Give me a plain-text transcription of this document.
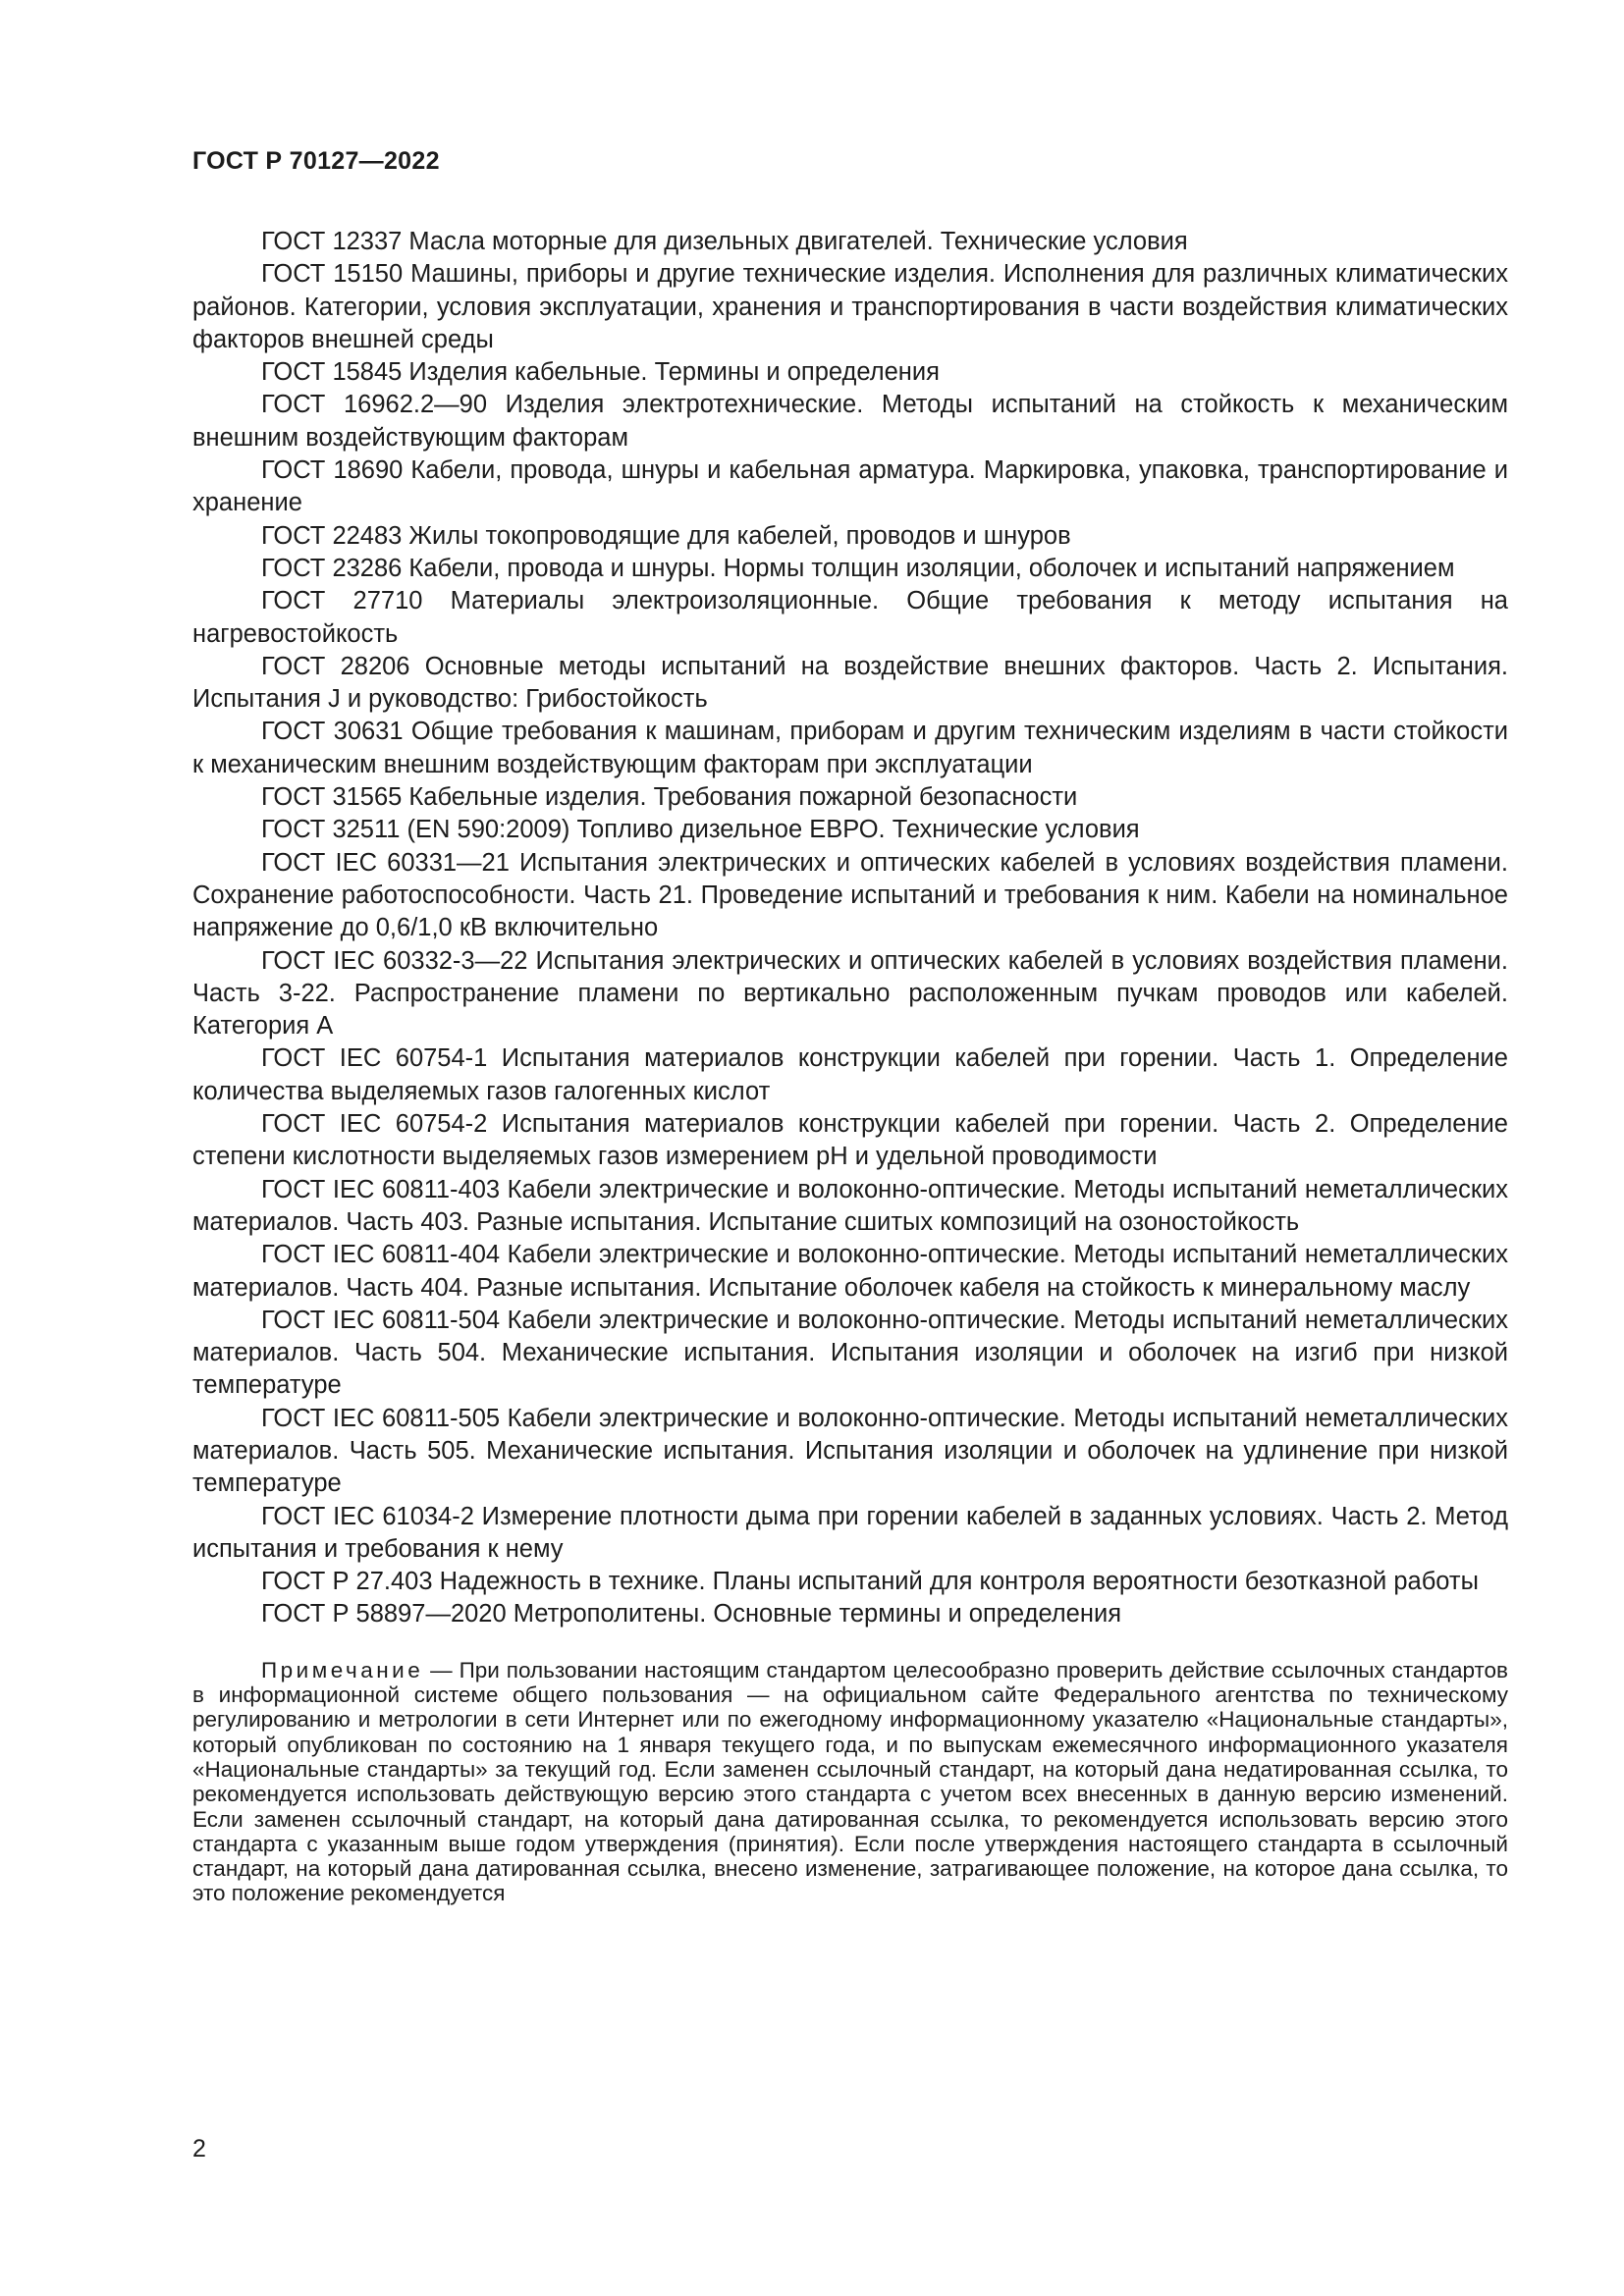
ГОСТ Р 70127—2022

ГОСТ 12337 Масла моторные для дизельных двигателей. Технические условия

ГОСТ 15150 Машины, приборы и другие технические изделия. Исполнения для различных климатических районов. Категории, условия эксплуатации, хранения и транспортирования в части воздействия климатических факторов внешней среды

ГОСТ 15845 Изделия кабельные. Термины и определения

ГОСТ 16962.2—90 Изделия электротехнические. Методы испытаний на стойкость к механическим внешним воздействующим факторам

ГОСТ 18690 Кабели, провода, шнуры и кабельная арматура. Маркировка, упаковка, транспортирование и хранение

ГОСТ 22483 Жилы токопроводящие для кабелей, проводов и шнуров

ГОСТ 23286 Кабели, провода и шнуры. Нормы толщин изоляции, оболочек и испытаний напряжением

ГОСТ 27710 Материалы электроизоляционные. Общие требования к методу испытания на нагревостойкость

ГОСТ 28206 Основные методы испытаний на воздействие внешних факторов. Часть 2. Испытания. Испытания J и руководство: Грибостойкость

ГОСТ 30631 Общие требования к машинам, приборам и другим техническим изделиям в части стойкости к механическим внешним воздействующим факторам при эксплуатации

ГОСТ 31565 Кабельные изделия. Требования пожарной безопасности

ГОСТ 32511 (EN 590:2009) Топливо дизельное ЕВРО. Технические условия

ГОСТ IEC 60331—21 Испытания электрических и оптических кабелей в условиях воздействия пламени. Сохранение работоспособности. Часть 21. Проведение испытаний и требования к ним. Кабели на номинальное напряжение до 0,6/1,0 кВ включительно

ГОСТ IEC 60332-3—22 Испытания электрических и оптических кабелей в условиях воздействия пламени. Часть 3-22. Распространение пламени по вертикально расположенным пучкам проводов или кабелей. Категория A

ГОСТ IEC 60754-1 Испытания материалов конструкции кабелей при горении. Часть 1. Определение количества выделяемых газов галогенных кислот

ГОСТ IEC 60754-2 Испытания материалов конструкции кабелей при горении. Часть 2. Определение степени кислотности выделяемых газов измерением pH и удельной проводимости

ГОСТ IEC 60811-403 Кабели электрические и волоконно-оптические. Методы испытаний неметаллических материалов. Часть 403. Разные испытания. Испытание сшитых композиций на озоностойкость

ГОСТ IEC 60811-404 Кабели электрические и волоконно-оптические. Методы испытаний неметаллических материалов. Часть 404. Разные испытания. Испытание оболочек кабеля на стойкость к минеральному маслу

ГОСТ IEC 60811-504 Кабели электрические и волоконно-оптические. Методы испытаний неметаллических материалов. Часть 504. Механические испытания. Испытания изоляции и оболочек на изгиб при низкой температуре

ГОСТ IEC 60811-505 Кабели электрические и волоконно-оптические. Методы испытаний неметаллических материалов. Часть 505. Механические испытания. Испытания изоляции и оболочек на удлинение при низкой температуре

ГОСТ IEC 61034-2 Измерение плотности дыма при горении кабелей в заданных условиях. Часть 2. Метод испытания и требования к нему

ГОСТ Р 27.403 Надежность в технике. Планы испытаний для контроля вероятности безотказной работы

ГОСТ Р 58897—2020 Метрополитены. Основные термины и определения

Примечание — При пользовании настоящим стандартом целесообразно проверить действие ссылочных стандартов в информационной системе общего пользования — на официальном сайте Федерального агентства по техническому регулированию и метрологии в сети Интернет или по ежегодному информационному указателю «Национальные стандарты», который опубликован по состоянию на 1 января текущего года, и по выпускам ежемесячного информационного указателя «Национальные стандарты» за текущий год. Если заменен ссылочный стандарт, на который дана недатированная ссылка, то рекомендуется использовать действующую версию этого стандарта с учетом всех внесенных в данную версию изменений. Если заменен ссылочный стандарт, на который дана датированная ссылка, то рекомендуется использовать версию этого стандарта с указанным выше годом утверждения (принятия). Если после утверждения настоящего стандарта в ссылочный стандарт, на который дана датированная ссылка, внесено изменение, затрагивающее положение, на которое дана ссылка, то это положение рекомендуется

2
